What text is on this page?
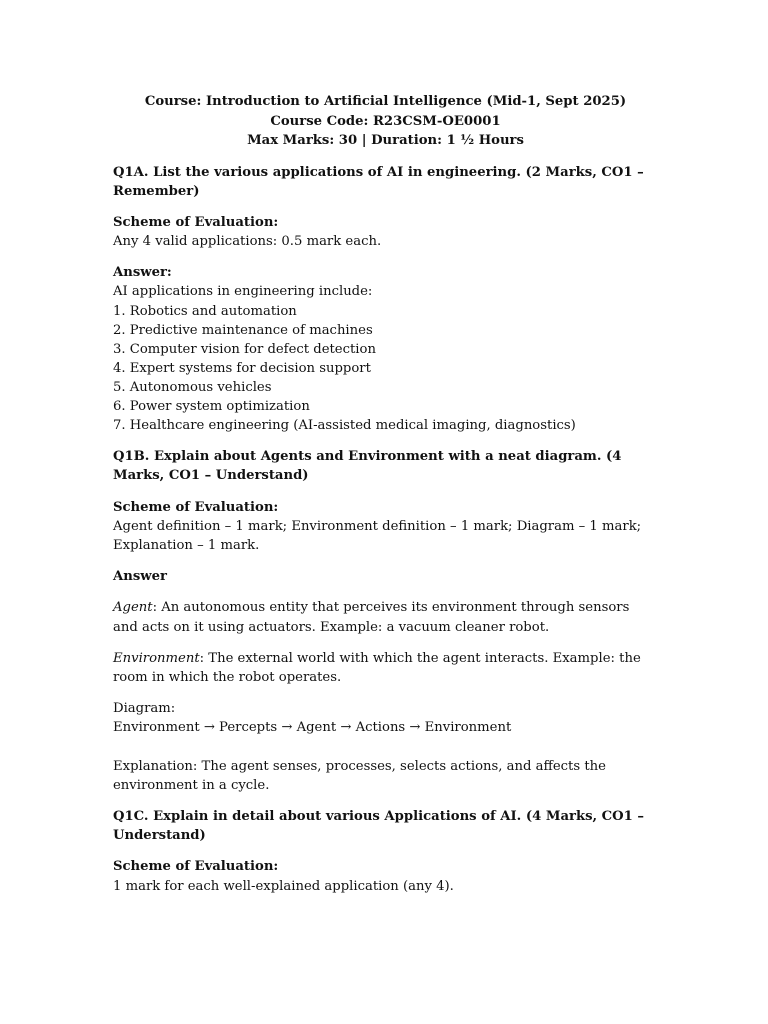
Course: Introduction to Artificial Intelligence (Mid-1, Sept 2025)
Course Code: R23CSM-OE0001
Max Marks: 30 | Duration: 1 ½ Hours
Q1A. List the various applications of AI in engineering. (2 Marks, CO1 – Remember)
Scheme of Evaluation:
Any 4 valid applications: 0.5 mark each.
Answer:
AI applications in engineering include:
1. Robotics and automation
2. Predictive maintenance of machines
3. Computer vision for defect detection
4. Expert systems for decision support
5. Autonomous vehicles
6. Power system optimization
7. Healthcare engineering (AI-assisted medical imaging, diagnostics)
Q1B. Explain about Agents and Environment with a neat diagram. (4 Marks, CO1 – Understand)
Scheme of Evaluation:
Agent definition – 1 mark; Environment definition – 1 mark; Diagram – 1 mark; Explanation – 1 mark.
Answer
Agent: An autonomous entity that perceives its environment through sensors and acts on it using actuators. Example: a vacuum cleaner robot.
Environment: The external world with which the agent interacts. Example: the room in which the robot operates.
Diagram:
Environment → Percepts → Agent → Actions → Environment
Explanation: The agent senses, processes, selects actions, and affects the environment in a cycle.
Q1C. Explain in detail about various Applications of AI. (4 Marks, CO1 – Understand)
Scheme of Evaluation:
1 mark for each well-explained application (any 4).
